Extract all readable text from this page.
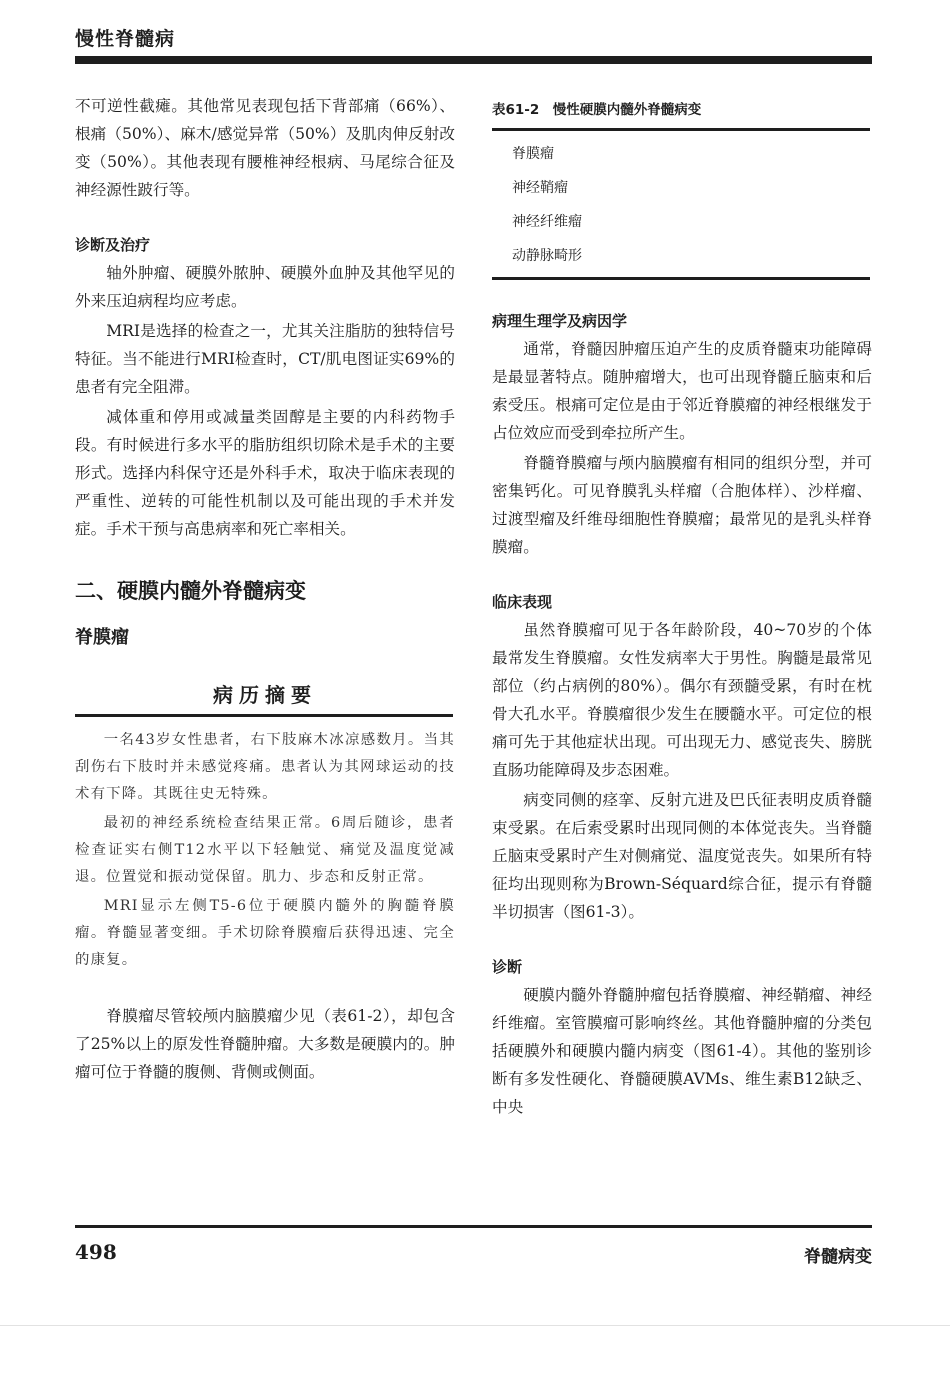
慢性脊髓病

不可逆性截瘫。其他常见表现包括下背部痛（66%）、根痛（50%）、麻木/感觉异常（50%）及肌肉伸反射改变（50%）。其他表现有腰椎神经根病、马尾综合征及神经源性跛行等。

诊断及治疗

轴外肿瘤、硬膜外脓肿、硬膜外血肿及其他罕见的外来压迫病程均应考虑。

MRI是选择的检查之一，尤其关注脂肪的独特信号特征。当不能进行MRI检查时，CT/肌电图证实69%的患者有完全阻滞。

减体重和停用或减量类固醇是主要的内科药物手段。有时候进行多水平的脂肪组织切除术是手术的主要形式。选择内科保守还是外科手术，取决于临床表现的严重性、逆转的可能性机制以及可能出现的手术并发症。手术干预与高患病率和死亡率相关。

二、硬膜内髓外脊髓病变

脊膜瘤

病历摘要

一名43岁女性患者，右下肢麻木冰凉感数月。当其刮伤右下肢时并未感觉疼痛。患者认为其网球运动的技术有下降。其既往史无特殊。

最初的神经系统检查结果正常。6周后随诊，患者检查证实右侧T12水平以下轻触觉、痛觉及温度觉减退。位置觉和振动觉保留。肌力、步态和反射正常。

MRI显示左侧T5-6位于硬膜内髓外的胸髓脊膜瘤。脊髓显著变细。手术切除脊膜瘤后获得迅速、完全的康复。

脊膜瘤尽管较颅内脑膜瘤少见（表61-2），却包含了25%以上的原发性脊髓肿瘤。大多数是硬膜内的。肿瘤可位于脊髓的腹侧、背侧或侧面。

表61-2　慢性硬膜内髓外脊髓病变
脊膜瘤
神经鞘瘤
神经纤维瘤
动静脉畸形

病理生理学及病因学

通常，脊髓因肿瘤压迫产生的皮质脊髓束功能障碍是最显著特点。随肿瘤增大，也可出现脊髓丘脑束和后索受压。根痛可定位是由于邻近脊膜瘤的神经根继发于占位效应而受到牵拉所产生。

脊髓脊膜瘤与颅内脑膜瘤有相同的组织分型，并可密集钙化。可见脊膜乳头样瘤（合胞体样）、沙样瘤、过渡型瘤及纤维母细胞性脊膜瘤；最常见的是乳头样脊膜瘤。

临床表现

虽然脊膜瘤可见于各年龄阶段，40~70岁的个体最常发生脊膜瘤。女性发病率大于男性。胸髓是最常见部位（约占病例的80%）。偶尔有颈髓受累，有时在枕骨大孔水平。脊膜瘤很少发生在腰髓水平。可定位的根痛可先于其他症状出现。可出现无力、感觉丧失、膀胱直肠功能障碍及步态困难。

病变同侧的痉挛、反射亢进及巴氏征表明皮质脊髓束受累。在后索受累时出现同侧的本体觉丧失。当脊髓丘脑束受累时产生对侧痛觉、温度觉丧失。如果所有特征均出现则称为Brown-Séquard综合征，提示有脊髓半切损害（图61-3）。

诊断

硬膜内髓外脊髓肿瘤包括脊膜瘤、神经鞘瘤、神经纤维瘤。室管膜瘤可影响终丝。其他脊髓肿瘤的分类包括硬膜外和硬膜内髓内病变（图61-4）。其他的鉴别诊断有多发性硬化、脊髓硬膜AVMs、维生素B12缺乏、中央

498	脊髓病变
